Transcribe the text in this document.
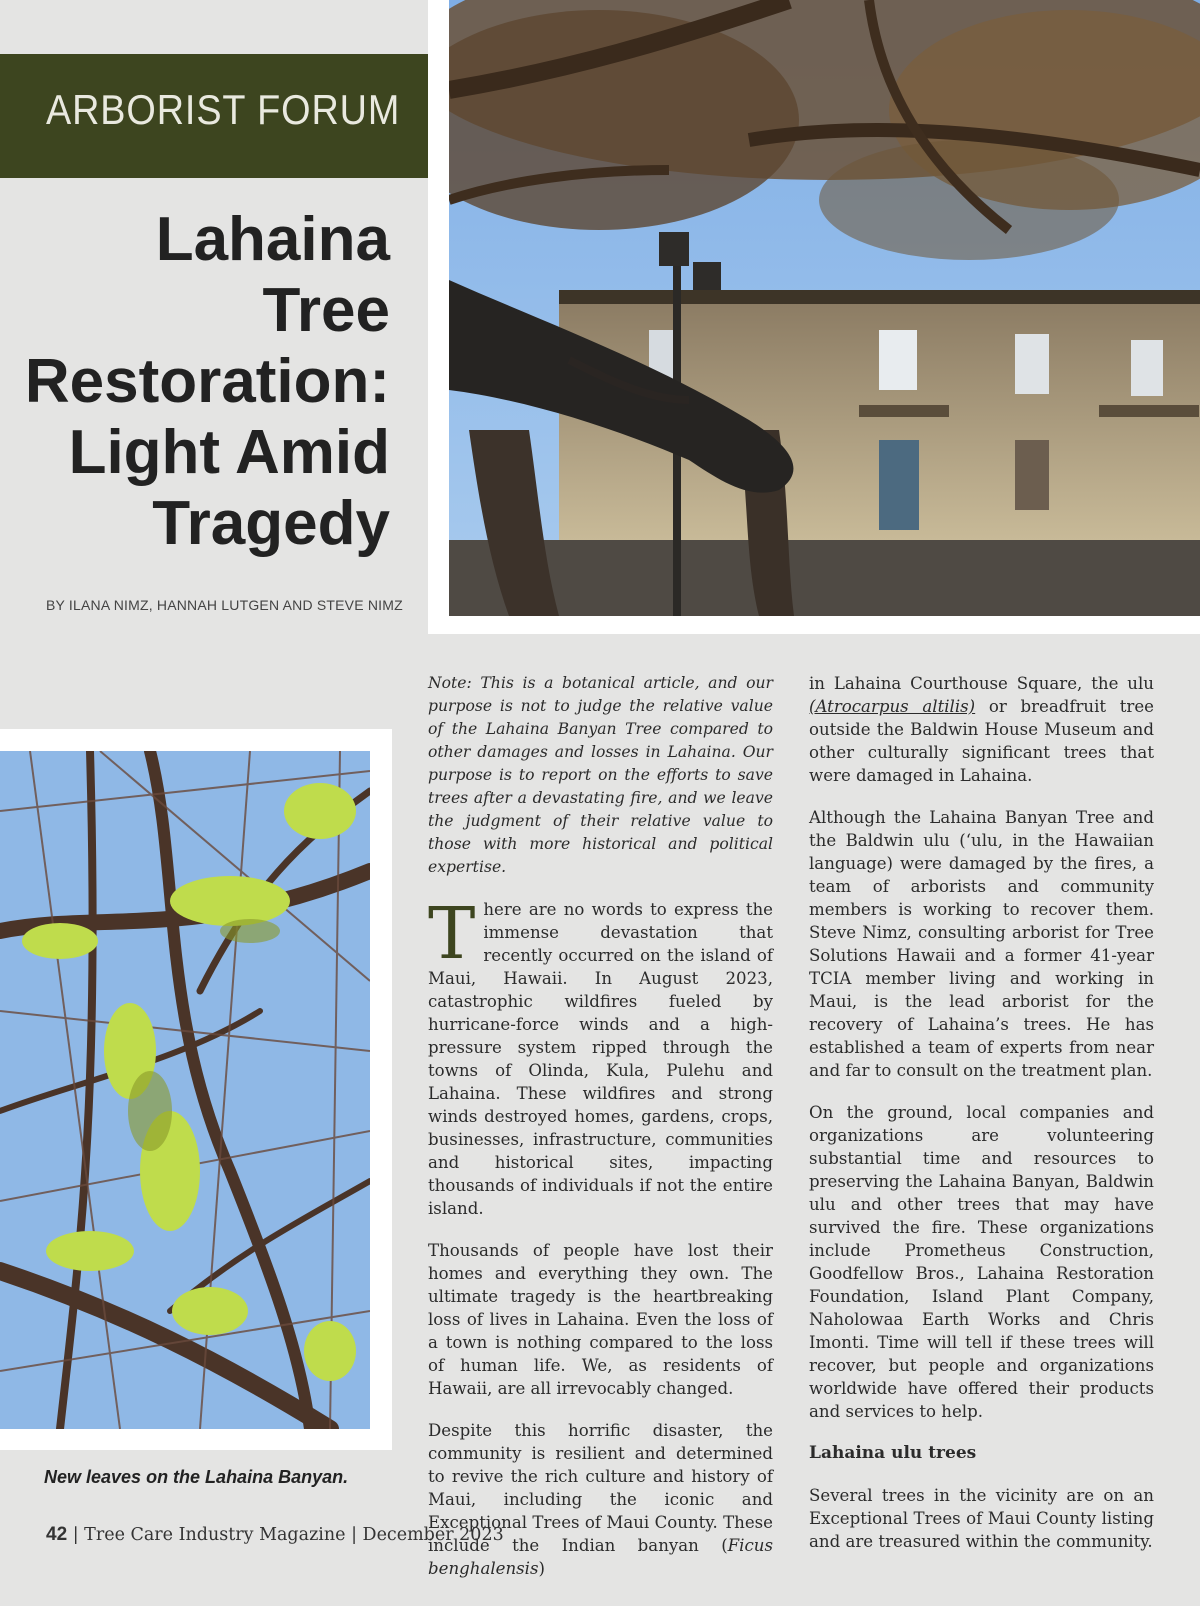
ARBORIST FORUM
Lahaina Tree
Restoration:
Light Amid
Tragedy
BY ILANA NIMZ, HANNAH LUTGEN AND STEVE NIMZ
New leaves on the Lahaina Banyan.

Note: This is a botanical article, and our purpose is not to judge the relative value of the Lahaina Banyan Tree compared to other damages and losses in Lahaina. Our purpose is to report on the efforts to save trees after a devastating fire, and we leave the judgment of their relative value to those with more historical and political expertise.

There are no words to express the immense devastation that recently occurred on the island of Maui, Hawaii. In August 2023, catastrophic wildfires fueled by hurricane-force winds and a high-pressure system ripped through the towns of Olinda, Kula, Pulehu and Lahaina. These wildfires and strong winds destroyed homes, gardens, crops, businesses, infrastructure, communities and historical sites, impacting thousands of individuals if not the entire island.

Thousands of people have lost their homes and everything they own. The ultimate tragedy is the heartbreaking loss of lives in Lahaina. Even the loss of a town is nothing compared to the loss of human life. We, as residents of Hawaii, are all irrevocably changed.

Despite this horrific disaster, the community is resilient and determined to revive the rich culture and history of Maui, including the iconic and Exceptional Trees of Maui County. These include the Indian banyan (Ficus benghalensis)

in Lahaina Courthouse Square, the ulu (Atrocarpus altilis) or breadfruit tree outside the Baldwin House Museum and other culturally significant trees that were damaged in Lahaina.

Although the Lahaina Banyan Tree and the Baldwin ulu (‘ulu, in the Hawaiian language) were damaged by the fires, a team of arborists and community members is working to recover them. Steve Nimz, consulting arborist for Tree Solutions Hawaii and a former 41-year TCIA member living and working in Maui, is the lead arborist for the recovery of Lahaina’s trees. He has established a team of experts from near and far to consult on the treatment plan.

On the ground, local companies and organizations are volunteering substantial time and resources to preserving the Lahaina Banyan, Baldwin ulu and other trees that may have survived the fire. These organizations include Prometheus Construction, Goodfellow Bros., Lahaina Restoration Foundation, Island Plant Company, Naholowaa Earth Works and Chris Imonti. Time will tell if these trees will recover, but people and organizations worldwide have offered their products and services to help.

Lahaina ulu trees

Several trees in the vicinity are on an Exceptional Trees of Maui County listing and are treasured within the community.

42 | Tree Care Industry Magazine | December 2023
